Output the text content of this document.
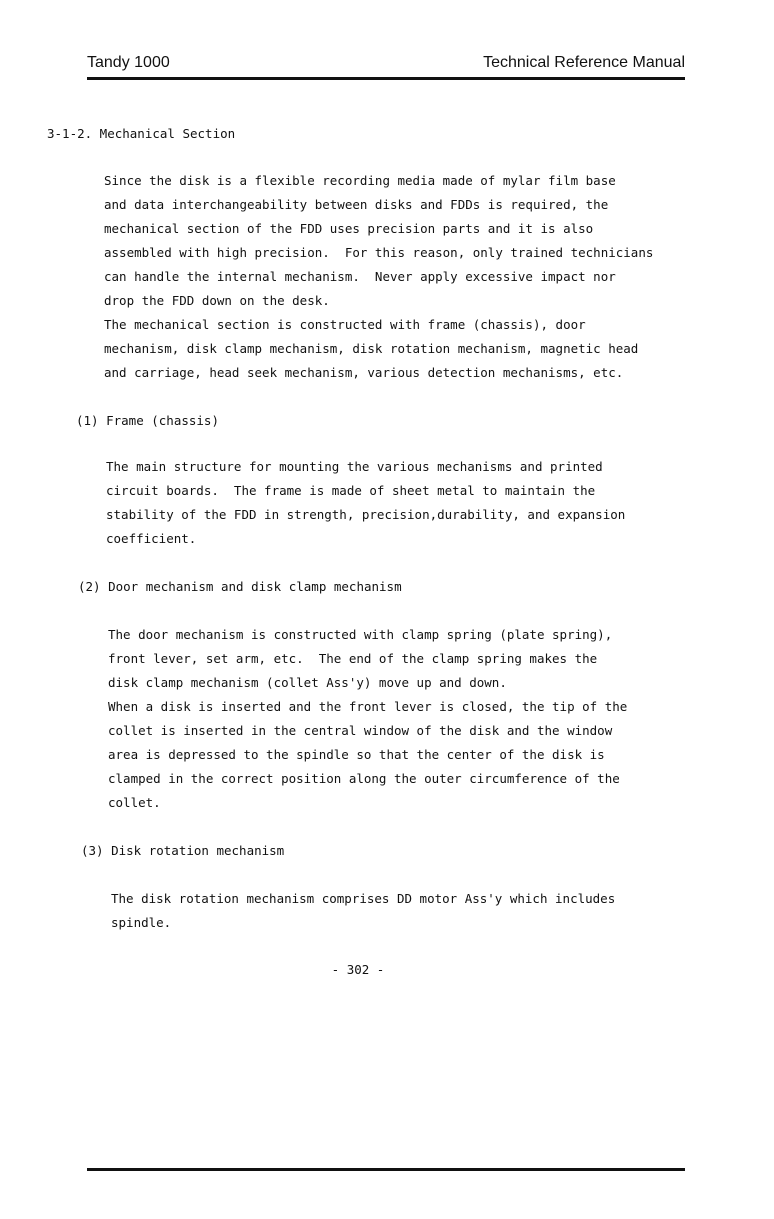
Tandy 1000	Technical Reference Manual
3-1-2. Mechanical Section
Since the disk is a flexible recording media made of mylar film base
and data interchangeability between disks and FDDs is required, the
mechanical section of the FDD uses precision parts and it is also
assembled with high precision.  For this reason, only trained technicians
can handle the internal mechanism.  Never apply excessive impact nor
drop the FDD down on the desk.
The mechanical section is constructed with frame (chassis), door
mechanism, disk clamp mechanism, disk rotation mechanism, magnetic head
and carriage, head seek mechanism, various detection mechanisms, etc.
(1) Frame (chassis)
The main structure for mounting the various mechanisms and printed
circuit boards.  The frame is made of sheet metal to maintain the
stability of the FDD in strength, precision,durability, and expansion
coefficient.
(2) Door mechanism and disk clamp mechanism
The door mechanism is constructed with clamp spring (plate spring),
front lever, set arm, etc.  The end of the clamp spring makes the
disk clamp mechanism (collet Ass'y) move up and down.
When a disk is inserted and the front lever is closed, the tip of the
collet is inserted in the central window of the disk and the window
area is depressed to the spindle so that the center of the disk is
clamped in the correct position along the outer circumference of the
collet.
(3) Disk rotation mechanism
The disk rotation mechanism comprises DD motor Ass'y which includes
spindle.
- 302 -
